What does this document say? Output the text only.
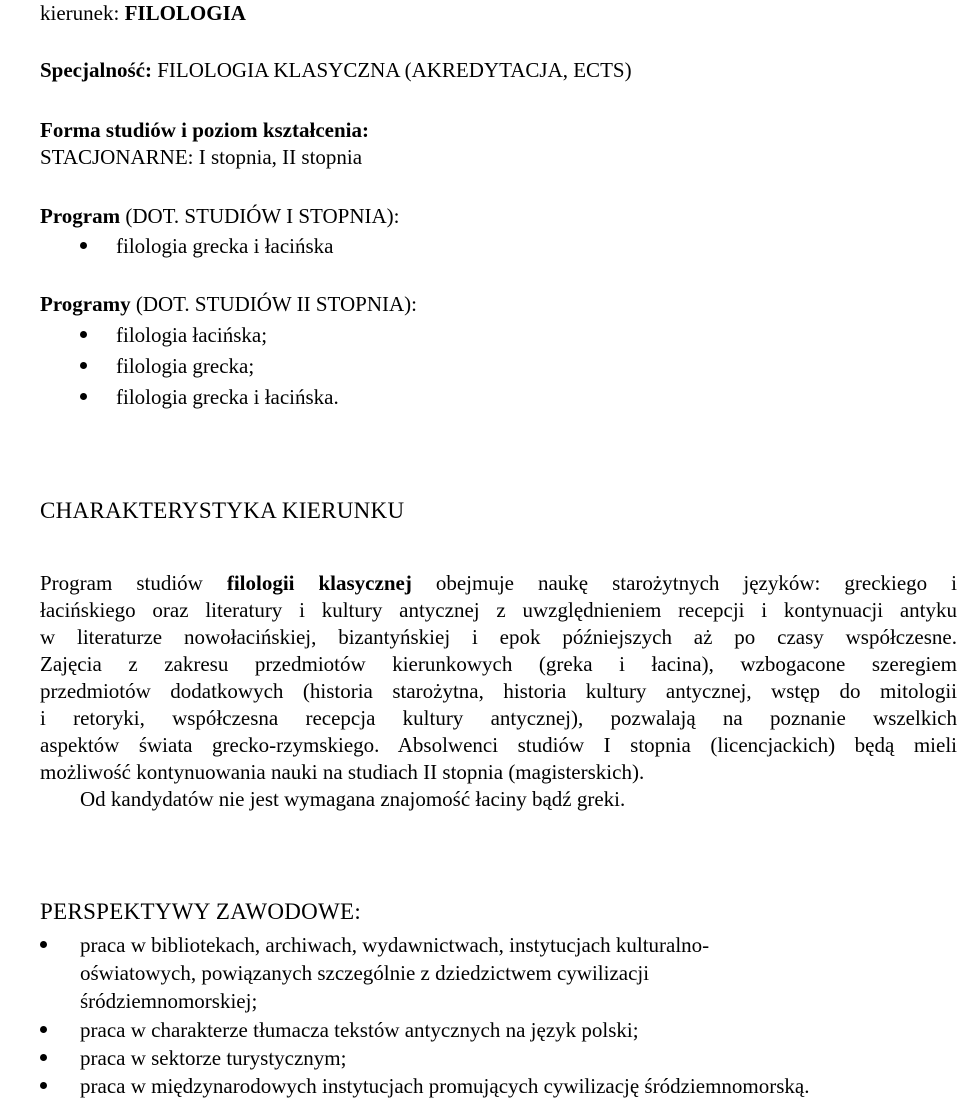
kierunek: FILOLOGIA
Specjalność: FILOLOGIA KLASYCZNA (AKREDYTACJA, ECTS)
Forma studiów i poziom kształcenia:
STACJONARNE: I stopnia, II stopnia
Program (DOT. STUDIÓW I STOPNIA):
filologia grecka i łacińska
Programy (DOT. STUDIÓW II STOPNIA):
filologia łacińska;
filologia grecka;
filologia grecka i łacińska.
CHARAKTERYSTYKA KIERUNKU
Program studiów filologii klasycznej obejmuje naukę starożytnych języków: greckiego i
łacińskiego oraz literatury i kultury antycznej z uwzględnieniem recepcji i kontynuacji antyku
w literaturze nowołacińskiej, bizantyńskiej i epok późniejszych aż po czasy współczesne.
Zajęcia z zakresu przedmiotów kierunkowych (greka i łacina), wzbogacone szeregiem
przedmiotów dodatkowych (historia starożytna, historia kultury antycznej, wstęp do mitologii
i retoryki, współczesna recepcja kultury antycznej), pozwalają na poznanie wszelkich
aspektów świata grecko-rzymskiego. Absolwenci studiów I stopnia (licencjackich) będą mieli
możliwość kontynuowania nauki na studiach II stopnia (magisterskich).
Od kandydatów nie jest wymagana znajomość łaciny bądź greki.
PERSPEKTYWY ZAWODOWE:
praca w bibliotekach, archiwach, wydawnictwach, instytucjach kulturalno-
oświatowych, powiązanych szczególnie z dziedzictwem cywilizacji
śródziemnomorskiej;
praca w charakterze tłumacza tekstów antycznych na język polski;
praca w sektorze turystycznym;
praca w międzynarodowych instytucjach promujących cywilizację śródziemnomorską.
